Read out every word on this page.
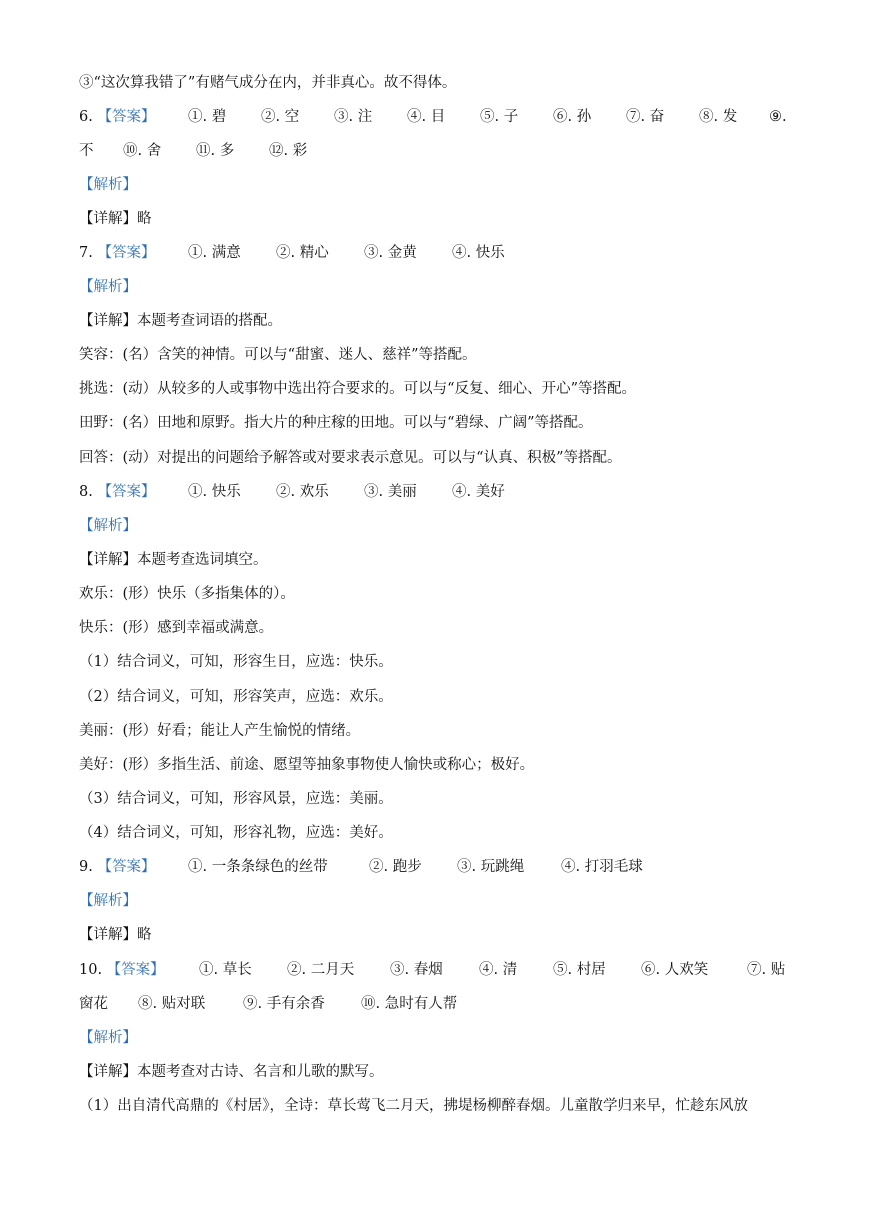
③“这次算我错了”有赌气成分在内，并非真心。故不得体。
6. 【答案】 ①. 碧 ②. 空 ③. 注 ④. 目 ⑤. 子 ⑥. 孙 ⑦. 奋 ⑧. 发 ⑨.
不 ⑩. 舍 ⑪. 多 ⑫. 彩
【解析】
【详解】略
7. 【答案】 ①. 满意 ②. 精心 ③. 金黄 ④. 快乐
【解析】
【详解】本题考查词语的搭配。
笑容：(名）含笑的神情。可以与“甜蜜、迷人、慈祥”等搭配。
挑选：(动）从较多的人或事物中选出符合要求的。可以与“反复、细心、开心”等搭配。
田野：(名）田地和原野。指大片的种庄稼的田地。可以与“碧绿、广阔”等搭配。
回答：(动）对提出的问题给予解答或对要求表示意见。可以与“认真、积极”等搭配。
8. 【答案】 ①. 快乐 ②. 欢乐 ③. 美丽 ④. 美好
【解析】
【详解】本题考查选词填空。
欢乐：(形）快乐（多指集体的）。
快乐：(形）感到幸福或满意。
（1）结合词义，可知，形容生日，应选：快乐。
（2）结合词义，可知，形容笑声，应选：欢乐。
美丽：(形）好看；能让人产生愉悦的情绪。
美好：(形）多指生活、前途、愿望等抽象事物使人愉快或称心；极好。
（3）结合词义，可知，形容风景，应选：美丽。
（4）结合词义，可知，形容礼物，应选：美好。
9. 【答案】 ①. 一条条绿色的丝带	②. 跑步 ③. 玩跳绳	④. 打羽毛球
【解析】
【详解】略
10. 【答案】 ①. 草长 ②. 二月天 ③. 春烟	④. 清 ⑤. 村居 ⑥. 人欢笑	⑦. 贴
窗花 ⑧. 贴对联	⑨. 手有余香	⑩. 急时有人帮
【解析】
【详解】本题考查对古诗、名言和儿歌的默写。
（1）出自清代高鼎的《村居》，全诗：草长莺飞二月天，拂堤杨柳醉春烟。儿童散学归来早，忙趁东风放
